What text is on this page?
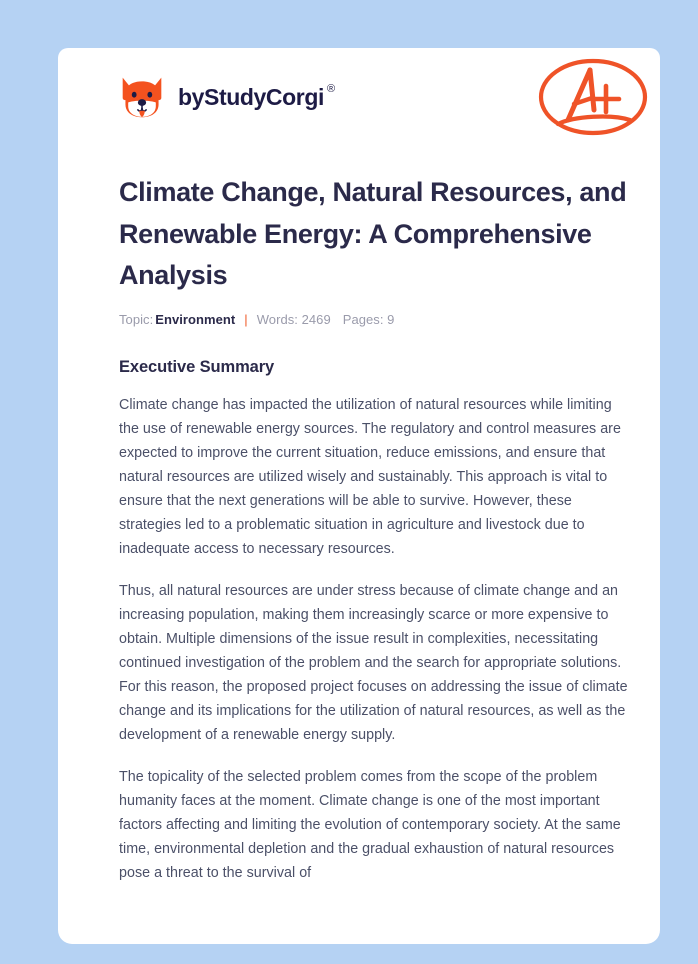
by StudyCorgi ®
Climate Change, Natural Resources, and Renewable Energy: A Comprehensive Analysis
Topic: Environment | Words: 2469 Pages: 9
Executive Summary

Climate change has impacted the utilization of natural resources while limiting the use of renewable energy sources. The regulatory and control measures are expected to improve the current situation, reduce emissions, and ensure that natural resources are utilized wisely and sustainably. This approach is vital to ensure that the next generations will be able to survive. However, these strategies led to a problematic situation in agriculture and livestock due to inadequate access to necessary resources.

Thus, all natural resources are under stress because of climate change and an increasing population, making them increasingly scarce or more expensive to obtain. Multiple dimensions of the issue result in complexities, necessitating continued investigation of the problem and the search for appropriate solutions. For this reason, the proposed project focuses on addressing the issue of climate change and its implications for the utilization of natural resources, as well as the development of a renewable energy supply.

The topicality of the selected problem comes from the scope of the problem humanity faces at the moment. Climate change is one of the most important factors affecting and limiting the evolution of contemporary society. At the same time, environmental depletion and the gradual exhaustion of natural resources pose a threat to the survival of
